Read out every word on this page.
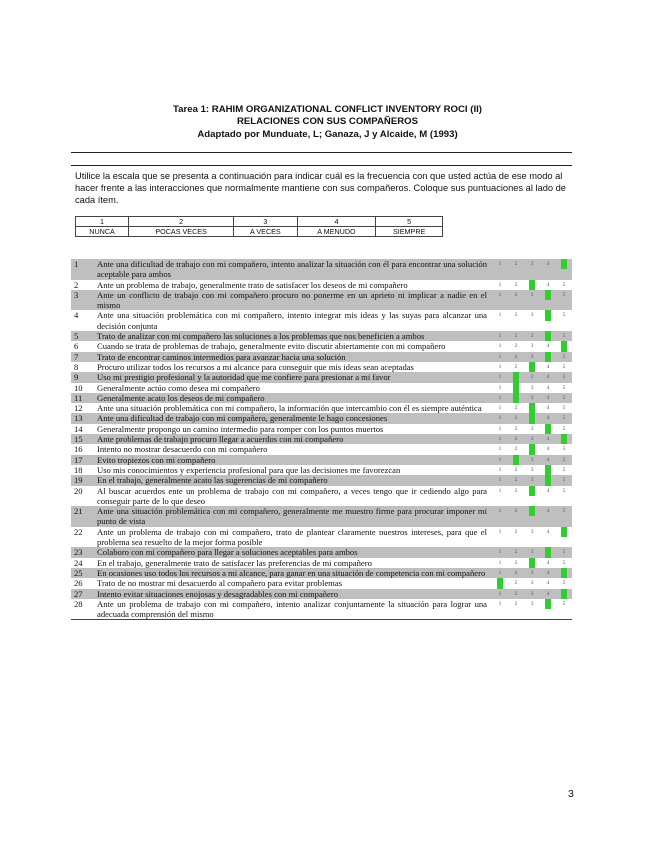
Tarea 1: RAHIM ORGANIZATIONAL CONFLICT INVENTORY ROCI (II)
RELACIONES CON SUS COMPAÑEROS
Adaptado por Munduate, L; Ganaza, J y Alcaide, M (1993)
Utilice la escala que se presenta a continuación para indicar cuál es la frecuencia con que usted actúa de ese modo al hacer frente a las interacciones que normalmente mantiene con sus compañeros. Coloque sus puntuaciones al lado de cada ítem.
1	2	3	4	5
NUNCA	POCAS VECES	A VECES	A MENUDO	SIEMPRE
1	Ante una dificultad de trabajo con mi compañero, intento analizar la situación con él para encontrar una solución aceptable para ambos	1	2	3	4	5
2	Ante un problema de trabajo, generalmente trato de satisfacer los deseos de mi compañero	1	2	3	4	5
3	Ante un conflicto de trabajo con mi compañero procuro no ponerme en un aprieto ni implicar a nadie en el mismo	1	2	3	4	5
4	Ante una situación problemática con mi compañero, intento integrar mis ideas y las suyas para alcanzar una decisión conjunta	1	2	3	4	5
5	Trato de analizar con mi compañero las soluciones a los problemas que nos beneficien a ambos	1	2	3	4	5
6	Cuando se trata de problemas de trabajo, generalmente evito discutir abiertamente con mi compañero	1	2	3	4	5
7	Trato de encontrar caminos intermedios para avanzar hacia una solución	1	2	3	4	5
8	Procuro utilizar todos los recursos a mi alcance para conseguir que mis ideas sean aceptadas	1	2	3	4	5
9	Uso mi prestigio profesional y la autoridad que me confiere para presionar a mi favor	1	2	3	4	5
10	Generalmente actúo como desea mi compañero	1	2	3	4	5
11	Generalmente acato los deseos de mi compañero	1	2	3	4	5
12	Ante una situación problemática con mi compañero, la información que intercambio con él es siempre auténtica	1	2	3	4	5
13	Ante una dificultad de trabajo con mi compañero, generalmente le hago concesiones	1	2	3	4	5
14	Generalmente propongo un camino intermedio para romper con los puntos muertos	1	2	3	4	5
15	Ante problemas de trabajo procuro llegar a acuerdos con mi compañero	1	2	3	4	5
16	Intento no mostrar desacuerdo con mi compañero	1	2	3	4	5
17	Evito tropiezos con mi compañero	1	2	3	4	5
18	Uso mis conocimientos y experiencia profesional para que las decisiones me favorezcan	1	2	3	4	5
19	En el trabajo, generalmente acato las sugerencias de mi compañero	1	2	3	4	5
20	Al buscar acuerdos ente un problema de trabajo con mi compañero, a veces tengo que ir cediendo algo para conseguir parte de lo que deseo	1	2	3	4	5
21	Ante una situación problemática con mi compañero, generalmente me muestro firme para procurar imponer mi punto de vista	1	2	3	4	5
22	Ante un problema de trabajo con mi compañero, trato de plantear claramente nuestros intereses, para que el problema sea resuelto de la mejor forma posible	1	2	3	4	5
23	Colaboro con mi compañero para llegar a soluciones aceptables para ambos	1	2	3	4	5
24	En el trabajo, generalmente trato de satisfacer las preferencias de mi compañero	1	2	3	4	5
25	En ocasiones uso todos los recursos a mi alcance, para ganar en una situación de competencia con mi compañero	1	2	3	4	5
26	Trato de no mostrar mi desacuerdo al compañero para evitar problemas	1	2	3	4	5
27	Intento evitar situaciones enojosas y desagradables con mi compañero	1	2	3	4	5
28	Ante un problema de trabajo con mi compañero, intento analizar conjuntamente la situación para lograr una adecuada comprensión del mismo	1	2	3	4	5
3
